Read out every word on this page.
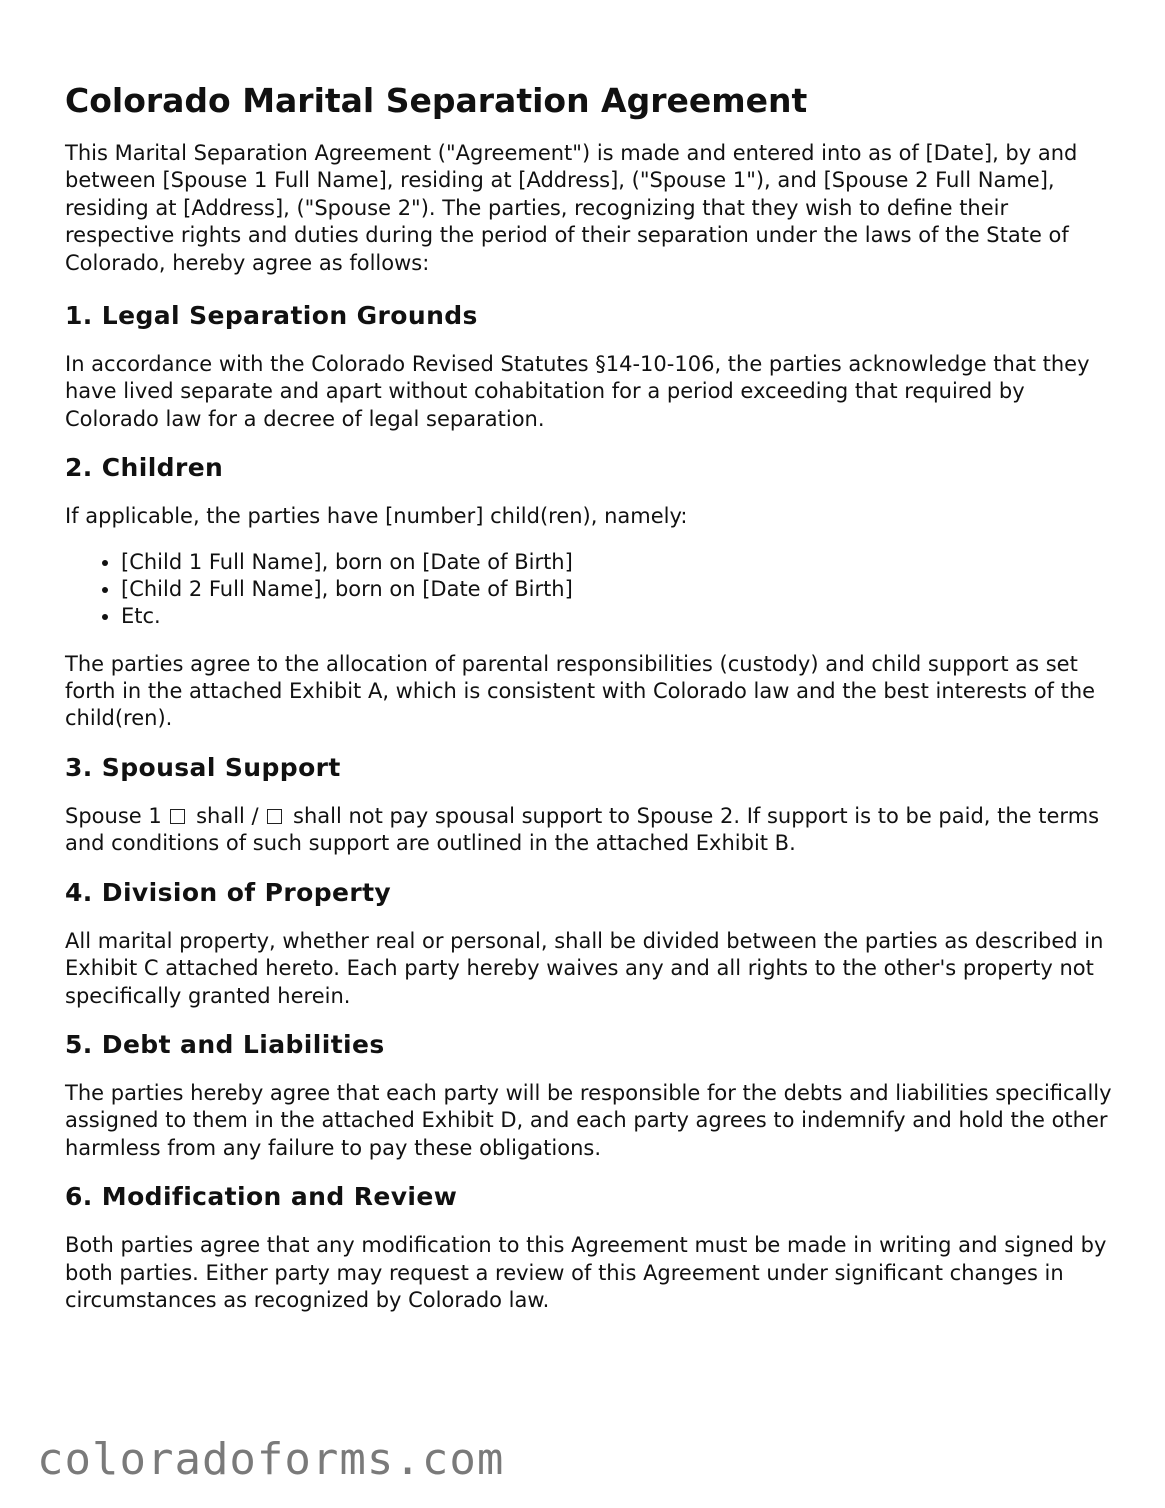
Colorado Marital Separation Agreement

This Marital Separation Agreement ("Agreement") is made and entered into as of [Date], by and between [Spouse 1 Full Name], residing at [Address], ("Spouse 1"), and [Spouse 2 Full Name], residing at [Address], ("Spouse 2"). The parties, recognizing that they wish to define their respective rights and duties during the period of their separation under the laws of the State of Colorado, hereby agree as follows:

1. Legal Separation Grounds

In accordance with the Colorado Revised Statutes §14-10-106, the parties acknowledge that they have lived separate and apart without cohabitation for a period exceeding that required by Colorado law for a decree of legal separation.

2. Children

If applicable, the parties have [number] child(ren), namely:

• [Child 1 Full Name], born on [Date of Birth]
• [Child 2 Full Name], born on [Date of Birth]
• Etc.

The parties agree to the allocation of parental responsibilities (custody) and child support as set forth in the attached Exhibit A, which is consistent with Colorado law and the best interests of the child(ren).

3. Spousal Support

Spouse 1 shall / shall not pay spousal support to Spouse 2. If support is to be paid, the terms and conditions of such support are outlined in the attached Exhibit B.

4. Division of Property

All marital property, whether real or personal, shall be divided between the parties as described in Exhibit C attached hereto. Each party hereby waives any and all rights to the other's property not specifically granted herein.

5. Debt and Liabilities

The parties hereby agree that each party will be responsible for the debts and liabilities specifically assigned to them in the attached Exhibit D, and each party agrees to indemnify and hold the other harmless from any failure to pay these obligations.

6. Modification and Review

Both parties agree that any modification to this Agreement must be made in writing and signed by both parties. Either party may request a review of this Agreement under significant changes in circumstances as recognized by Colorado law.

coloradoforms.com
